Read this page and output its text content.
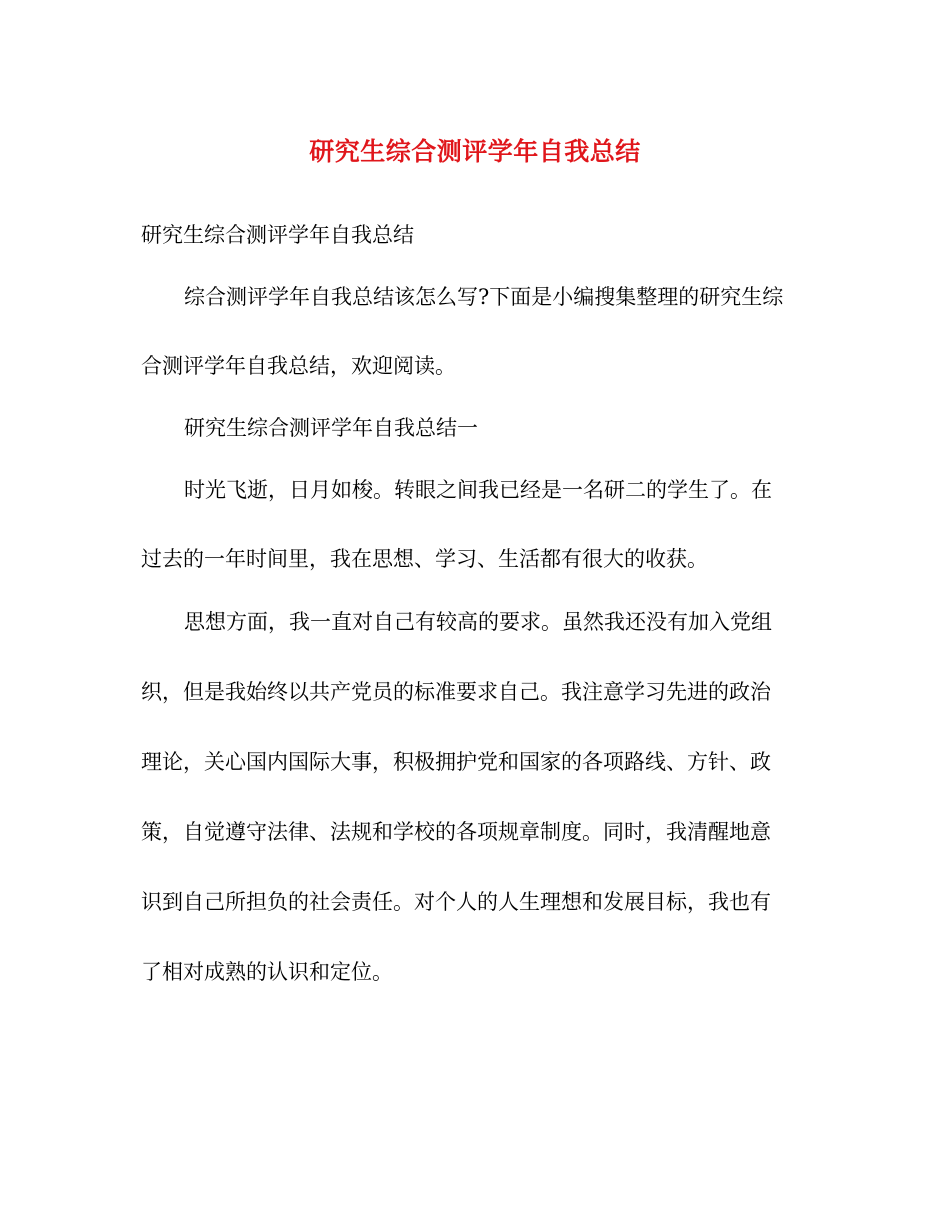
研究生综合测评学年自我总结

研究生综合测评学年自我总结

综合测评学年自我总结该怎么写?下面是小编搜集整理的研究生综

合测评学年自我总结，欢迎阅读。

研究生综合测评学年自我总结一

时光飞逝，日月如梭。转眼之间我已经是一名研二的学生了。在

过去的一年时间里，我在思想、学习、生活都有很大的收获。

思想方面，我一直对自己有较高的要求。虽然我还没有加入党组

织，但是我始终以共产党员的标准要求自己。我注意学习先进的政治

理论，关心国内国际大事，积极拥护党和国家的各项路线、方针、政

策，自觉遵守法律、法规和学校的各项规章制度。同时，我清醒地意

识到自己所担负的社会责任。对个人的人生理想和发展目标，我也有

了相对成熟的认识和定位。
